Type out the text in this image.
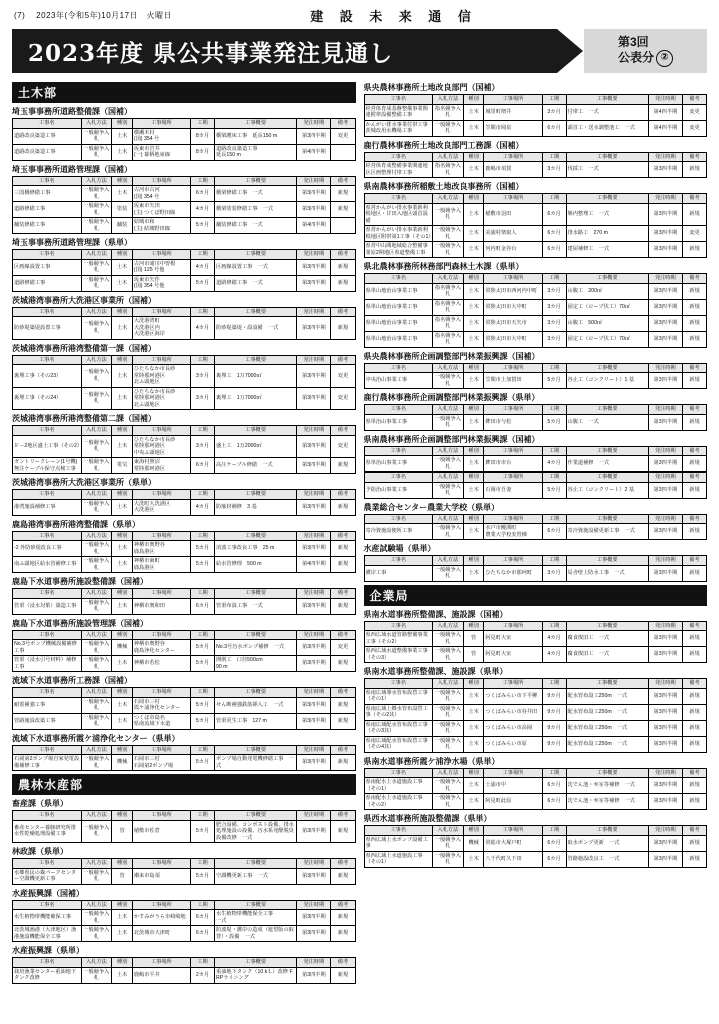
(7) 2023年(令和5年)10月17日　火曜日	建 設 未 来 通 信
2023年度 県公共事業発注見通し	第3回
公表分 ②
土木部
埼玉事事務所道路整備課（国補）
工事名	入札方法	種別	工事場所	工期	工事概要	発注時期	備考
道路改良築造工事	一般競争入札	土木	横瀬木村
(国) 354 号	8カ月	橋梁護床工事　延長150 m	第3四半期	変更
道路改良築造工事	一般競争入札	土木	坂東市岩井
(一) 幕柄地束線	8カ月	道路改良築造工事
延長150 m	第4四半期	
埼玉事事務所道路管理課（国補）
工事名	入札方法	種別	工事場所	工期	工事概要	発注時期	備考
三国橋修繕工事	一般競争入札	土木	古河市古河
(国) 354 号	6カ月	橋梁修繕工事　一式	第3四半期	新規
道路修繕工事	一般競争入札	塗装	坂東市矢田
(主) つくば野田線	4カ月	橋梁塗装修繕工事　一式	第3四半期	新規
舗装修繕工事	一般競争入札	舗装	結城市和
(主) 結城野田線	5カ月	舗装修繕工事　一式	第4四半期	
埼玉事事務所道路管理課（県単）
工事名	入札方法	種別	工事場所	工期	工事概要	発注時期	備考
区画線設置工事	一般競争入札	土木	古河市諸川中曽根
(国) 125 号他	4カ月	区画線設置工事　一式	第3四半期	新規
道路修繕工事	一般競争入札	土木	坂東市矢作
(国) 354 号他	5カ月	道路修繕工事　一式	第3四半期	新規
茨城港湾事務所大洗港区事業所（国補）
工事名	入札方法	種別	工事場所	工期	工事概要	発注時期	備考
防砂堤築堤設置工事	一般競争入札	土木	大洗港湾町
大洗港区内
大洗港区海岸	4カ月	防砂堤築堤・設設備　一式	第3四半期	新規
茨城港湾事務所港湾整備第一課（国補）
工事名	入札方法	種別	工事場所	工期	工事概要	発注時期	備考
裏埋工事（その23）	一般競争入札	土木	ひたちなか市長砂
常陸那珂港区
北ふ頭地区	3カ月	裏埋工　1万7000㎥	第3四半期	変更
裏埋工事（その24）	一般競争入札	土木	ひたちなか市長砂
常陸那珂港区
北ふ頭地区	3カ月	裏埋工　1万7000㎥	第3四半期	変更
茨城港湾事務所港湾整備第二課（国補）
工事名	入札方法	種別	工事場所	工期	工事概要	発注時期	備考
Ｆ－2地区盛土工事（その2）	一般競争入札	土木	ひたちなか市長砂
常陸那珂港区
中央ふ頭地区	3カ月	盛土工　1万2000㎥	第3四半期	変更
ガントリークレーン(1号機)無注ケーブル保守点検工事	一般競争入札	電気	東海村照沼
常陸那珂港区	6カ月	高圧ケーブル修繕　一式	第3四半期	新規
茨城港湾事務所大洗港区事業所（県単）
工事名	入札方法	種別	工事場所	工期	工事概要	発注時期	備考
港湾施設補修工事	一般競争入札	土木	大洗町大洗港区
大洗港区	4カ月	防舷材補修　3 基	第3四半期	新規
鹿島港湾事務所港湾整備課（県単）
工事名	入札方法	種別	工事場所	工期	工事概要	発注時期	備考
-2 外防砂堤改良工事	一般競争入札	土木	神栖市奥野谷
鹿島港区	5カ月	消波工事改良工事　25 m	第3四半期	新規
南ふ頭地区給水管補修工事	一般競争入札	土木	神栖市東町
鹿島港区	5カ月	給水管修理　500 m	第4四半期	新規
鹿島下水道事務所施設整備課（国補）
工事名	入札方法	種別	工事場所	工期	工事概要	発注時期	備考
管渠（浸水対策）築造工事	一般競争入札	土木	神栖市奥和田	6カ月	管渠布設工事　一式	第3四半期	新規
鹿島下水道事務所施設管理課（国補）
工事名	入札方法	種別	工事場所	工期	工事概要	発注時期	備考
No.3号ポンプ機械設備補修工事	一般競争入札	機械	神栖市奥野谷
鹿島浄化センター	5カ月	No.3号汚水ポンプ補修　一式	第3四半期	変更
管渠（浸水引号材料）補修工事	一般競争入札	土木	神栖市若松	5カ月	開削工　口径500cm
90 m	第3四半期	新規
流域下水道事務所工務課（国補）
工事名	入札方法	種別	工事場所	工期	工事概要	発注時期	備考
耐震補強工事	一般競争入札	土木	石岡市三村
霞ケ浦浄化センター	5カ月	せん断補強鉄筋挿入工　一式	第3四半期	新規
管路施設改築工事	一般競争入札	土木	つくば市島名
県南流域下水道	5カ月	管渠更生工事　127 m	第3四半期	新規
流域下水道事務所霞ケ浦浄化センター（県単）
工事名	入札方法	種別	工事場所	工期	工事概要	発注時期	備考
石岡第2ポンプ場自家発電設備補修工事	一般競争入札	機械	石岡市三村
石岡第2ポンプ場	5カ月	ポンプ場自動発電機修繕工事　一式	第3四半期	新規
農林水産部
畜産課（県単）
工事名	入札方法	種別	工事場所	工期	工事概要	発注時期	備考
畜産センター養豚研究所排水性乾燥処理設備工事	一般競争入札	管	稲敷市佐倉	5カ月	肥合設備、コンポスト設備、排水処理施設の設備、汚水系発酵脱臭設備改修　一式	第3四半期	新規
林政課（県単）
工事名	入札方法	種別	工事場所	工期	工事概要	発注時期	備考
水郷県民の森パークセンター空調機更新工事	一般競争入札	管	潮来市島須	5カ月	空調機更新工事　一式	第3四半期	新規
水産振興課（国補）
工事名	入札方法	種別	工事場所	工期	工事概要	発注時期	備考
水生植物帯機能確保工事	一般競争入札	土木	かすみがうら市崎崎地	6カ月	水生植物帯機能保全工事
一式	第3四半期	新規
北茨城漁港（大津地区）漁港施設機能保全工事	一般競争入札	土木	北茨城市大津町	6カ月	防波堤・護岸の造成（遮望版の取替）・設備　一式	第3四半期	新規
水産振興課（県単）
工事名	入札方法	種別	工事場所	工期	工事概要	発注時期	備考
栽培漁業センター重油地下タンク改修	一般競争入札	土木	鹿嶋市平井	2カ月	重油地下タンク（10 kＬ）改修 FRPライニング	第3四半期	新規
県央農林事務所土地改良部門（国補）
工事名	入札方法	種別	工事場所	工期	工事概要	発注時期	備考
経営体育成基盤整備事業関連附帯設備整備工事	指名競争入札	土木	城里町増井	3カ月	付帯工　一式	第4四半期	変更
かんがい排水事業付帯工事茨城改用水機場工事	一般競争入札	土木	笠間市岡泉	6カ月	頭首工・送水調整池工　一式	第4四半期	変更
鹿行農林事務所土地改良部門工務課（国補）
工事名	入札方法	種別	工事場所	工期	工事概要	発注時期	備考
経営体育成整備事業関連地区区画整理付帯工事	指名競争入札	土木	鹿嶋市須賀	3カ月	伐採工　一式	第3四半期	新規
県南農林事務所稲敷土地改良事務所（国補）
工事名	入札方法	種別	工事場所	工期	工事概要	発注時期	備考
県営かんがい排水事業新利根地区・甘田入地区頭首設備	一般競争入札	土木	稲敷市羽田	6カ月	堰内整理工　一式	第3四半期	新規
県営かんがい排水事業新利根地区附帯第1工事（その1）	一般競争入札	土木	美浦村楽取人	6カ月	排水路工　270 m	第3四半期	変更
県営中山間地域総合整備事業原2期地区県道整備工事	一般競争入札	土木	河内町金谷台	6カ月	建屋補修工　一式	第3四半期	新規
県北農林事務所林務部門森林土木課（県単）
工事名	入札方法	種別	工事場所	工期	工事概要	発注時期	備考
県単山地治山事業工事	指名競争入札	土木	常陸太田市西河内中町	3カ月	山腹工　200㎡	第3四半期	新規
県単山地治山事業工事	指名競争入札	土木	常陸太田市大中町	3カ月	固定工（ロープ伏工）70㎡	第3四半期	新規
県単山地治山事業工事	指名競争入札	土木	常陸太田市天矢市	3カ月	山腹工　500㎡	第3四半期	新規
県単山地治山事業工事	指名競争入札	土木	常陸太田市大中町	3カ月	固定工（ロープ伏工）70㎡	第3四半期	新規
県央農林事務所企画調整部門林業振興課（国補）
工事名	入札方法	種別	工事場所	工期	工事概要	発注時期	備考
中央治山事業工事	一般競争入札	土木	笠間市土加賀田	5カ月	谷止工（コンクリート）1 基	第3四半期	新規
鹿行農林事務所企画調整部門林業振興課（県単）
工事名	入札方法	種別	工事場所	工期	工事概要	発注時期	備考
県単治山事業工事	一般競争入札	土木	鉾田市与松	5カ月	山腹工　一式	第3四半期	新規
県南農林事務所企画調整部門林業振興課（国補）
工事名	入札方法	種別	工事場所	工期	工事概要	発注時期	備考
県単治山事業工事	一般競争入札	土木	鉾田市市台	4カ月	作業道補修　一式	第3四半期	新規
工事名	入札方法	種別	工事場所	工期	工事概要	発注時期	備考
予防治山事業工事	一般競争入札	土木	石岡市吾妻	5カ月	谷止工（コンクリート）2 基	第3四半期	新規
農業総合センター農業大学校（県単）
工事名	入札方法	種別	工事場所	工期	工事概要	発注時期	備考
寄冷資施設便所工事	一般競争入札	土木	水戸市鯉渕町
農業大学校実習棟	6カ月	寄冷資施設備更新工事　一式	第3四半期	新規
水産試験場（県単）
工事名	入札方法	種別	工事場所	工期	工事概要	発注時期	備考
護岸工事	一般競争入札	土木	ひたちなか市那珂町	3カ月	局舎壁上防水工事　一式	第3四半期	新規
企業局
県南水道事務所整備課、施設課（国補）
工事名	入札方法	種別	工事場所	工期	工事概要	発注時期	備考
県西広域水道管路整備事業工事（その2）	一般競争入札	管	阿見町大室	4カ月	腐食復旧工　一式	第3四半期	新規
県西広域水道整備事業工事（その3）	一般競争入札	管	阿見町大室	4カ月	腐食復旧工　一式	第3四半期	新規
県南水道事務所整備課、施設課（県単）
工事名	入札方法	種別	工事場所	工期	工事概要	発注時期	備考
県南広域導水管布設替工事（その1）	一般競争入札	土木	つくばみらい市下平柳	9カ月	配水管布設工250m　一式	第3四半期	新規
県南広域上郷水管布設替工事（その2其）	一般競争入札	土木	つくばみらい市谷井田	9カ月	配水管布設工250m　一式	第3四半期	新規
県南広域配水管布設替工事（その3其）	一般競争入札	土木	つくばみらい市高岡	9カ月	配水管布設工250m　一式	第3四半期	新規
県南広域配水管布設替工事（その4其）	一般競争入札	土木	つくばみらい市原	9カ月	配水管布設工250m　一式	第3四半期	新規
県南水道事務所霞ケ浦浄水場（県単）
工事名	入札方法	種別	工事場所	工期	工事概要	発注時期	備考
県南配水上水道施設工事（その1）	一般競争入札	土木	土浦市中	6カ月	沈でん池・弁室等補修　一式	第3四半期	新規
県南配水上水道施設工事（その2）	一般競争入札	土木	阿見町此原	6カ月	沈でん池・弁室等補修　一式	第3四半期	新規
県西水道事務所施設整備課（県単）
工事名	入札方法	種別	工事場所	工期	工事概要	発注時期	備考
県西広域上水ポンプ設備工事	一般競争入札	機械	常総市大塚戸町	6カ月	取水ポンプ更新　一式	第3四半期	新規
県西広域上水道施設工事（その1）	一般競争入札	土木	八千代町久下田	6カ月	管路施設改良工　一式	第3四半期	新規
